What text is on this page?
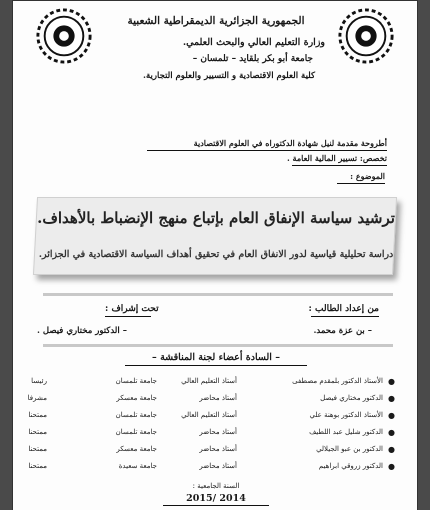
الجمهورية الجزائرية الديمقراطية الشعبية
وزارة التعليم العالي والبحث العلمي.
جامعة أبو بكر بلقايد – تلمسان –
كلية العلوم الاقتصادية و التسيير والعلوم التجارية.
أطروحة مقدمة لنيل شهادة الدكتوراه في العلوم الاقتصادية
تخصص: تسيير المالية العامة .
الموضوع :
ترشيد سياسة الإنفاق العام بإتباع منهج الإنضباط بالأهداف.
دراسة تحليلية قياسية لدور الانفاق العام في تحقيق أهداف السياسة الاقتصادية في الجزائر.
من إعداد الطالب :
– بن عزة محمد.
تحت إشراف :
– الدكتور مختاري فيصل .
– السادة أعضاء لجنة المناقشة –
●
الأستاذ الدكتور بلمقدم مصطفى
أستاذ التعليم العالي
جامعة تلمسان
رئيسا
●
الدكتور مختاري فيصل
أستاذ محاضر
جامعة معسكر
مشرفا
●
الأستاذ الدكتور بوهنة علي
أستاذ التعليم العالي
جامعة تلمسان
ممتحنا
●
الدكتور شليل عبد اللطيف
أستاذ محاضر
جامعة تلمسان
ممتحنا
●
الدكتور بن عبو الجيلالي
أستاذ محاضر
جامعة معسكر
ممتحنا
●
الدكتور زروقي ابراهيم
أستاذ محاضر
جامعة سعيدة
ممتحنا
السنة الجامعية :
2014 /2015
